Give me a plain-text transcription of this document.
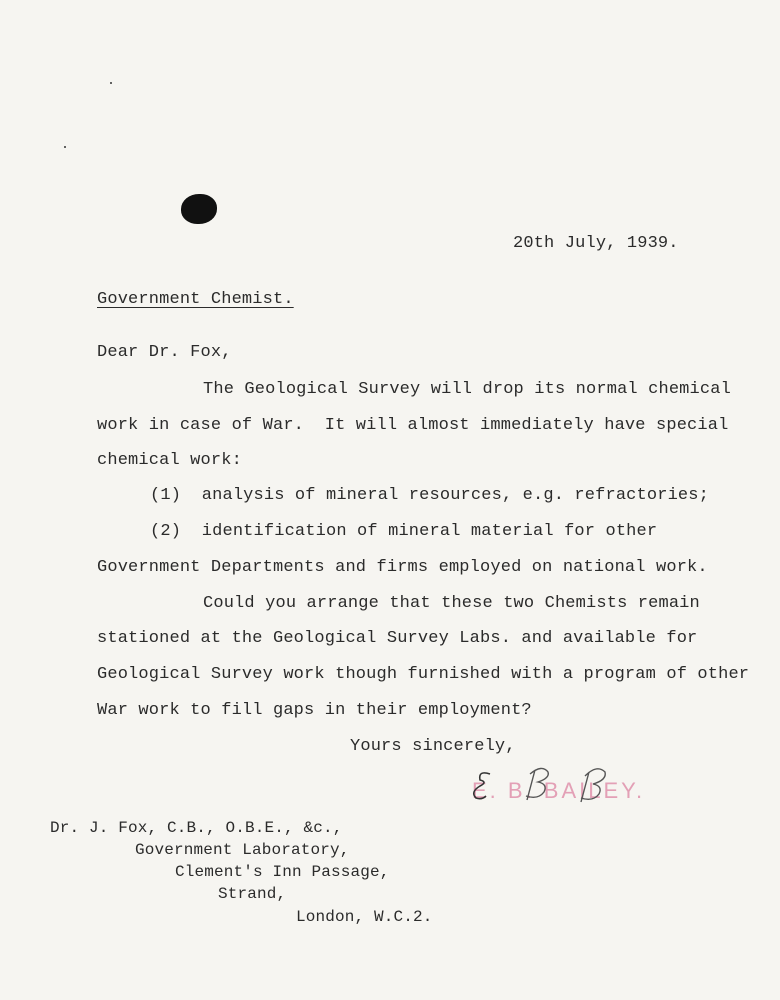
20th July, 1939.
Government Chemist.
Dear Dr. Fox,
The Geological Survey will drop its normal chemical
work in case of War.  It will almost immediately have special
chemical work:
(1)  analysis of mineral resources, e.g. refractories;
(2)  identification of mineral material for other
Government Departments and firms employed on national work.
Could you arrange that these two Chemists remain
stationed at the Geological Survey Labs. and available for
Geological Survey work though furnished with a program of other
War work to fill gaps in their employment?
Yours sincerely,
E. B. BAILEY.
Dr. J. Fox, C.B., O.B.E., &c.,
Government Laboratory,
Clement's Inn Passage,
Strand,
London, W.C.2.
